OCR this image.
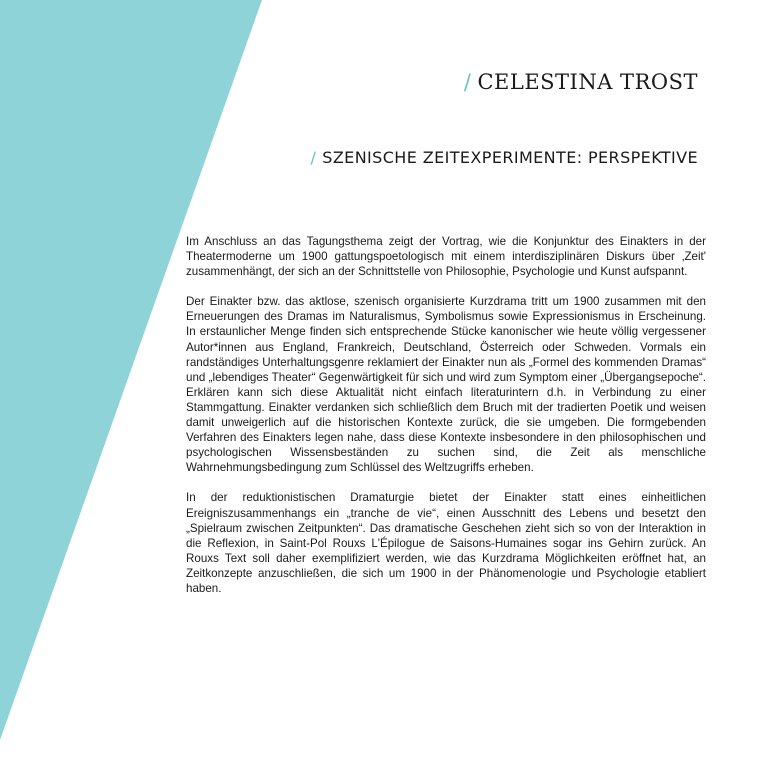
/ CELESTINA TROST
/ SZENISCHE ZEITEXPERIMENTE: PERSPEKTIVE

Im Anschluss an das Tagungsthema zeigt der Vortrag, wie die Konjunktur des Einakters in der Theatermoderne um 1900 gattungspoetologisch mit einem interdisziplinären Diskurs über ‚Zeit' zusammenhängt, der sich an der Schnittstelle von Philosophie, Psychologie und Kunst aufspannt.

Der Einakter bzw. das aktlose, szenisch organisierte Kurzdrama tritt um 1900 zusammen mit den Erneuerungen des Dramas im Naturalismus, Symbolismus sowie Expressionismus in Erscheinung. In erstaunlicher Menge finden sich entsprechende Stücke kanonischer wie heute völlig vergessener Autor*innen aus England, Frankreich, Deutschland, Österreich oder Schweden. Vormals ein randständiges Unterhaltungsgenre reklamiert der Einakter nun als „Formel des kommenden Dramas“ und „lebendiges Theater“ Gegenwärtigkeit für sich und wird zum Symptom einer „Übergangsepoche“. Erklären kann sich diese Aktualität nicht einfach literaturintern d.h. in Verbindung zu einer Stammgattung. Einakter verdanken sich schließlich dem Bruch mit der tradierten Poetik und weisen damit unweigerlich auf die historischen Kontexte zurück, die sie umgeben. Die formgebenden Verfahren des Einakters legen nahe, dass diese Kontexte insbesondere in den philosophischen und psychologischen Wissensbeständen zu suchen sind, die Zeit als menschliche Wahrnehmungsbedingung zum Schlüssel des Weltzugriffs erheben.

In der reduktionistischen Dramaturgie bietet der Einakter statt eines einheitlichen Ereigniszusammenhangs ein „tranche de vie“, einen Ausschnitt des Lebens und besetzt den „Spielraum zwischen Zeitpunkten“. Das dramatische Geschehen zieht sich so von der Interaktion in die Reflexion, in Saint-Pol Rouxs L'Épilogue de Saisons-Humaines sogar ins Gehirn zurück. An Rouxs Text soll daher exemplifiziert werden, wie das Kurzdrama Möglichkeiten eröffnet hat, an Zeitkonzepte anzuschließen, die sich um 1900 in der Phänomenologie und Psychologie etabliert haben.
